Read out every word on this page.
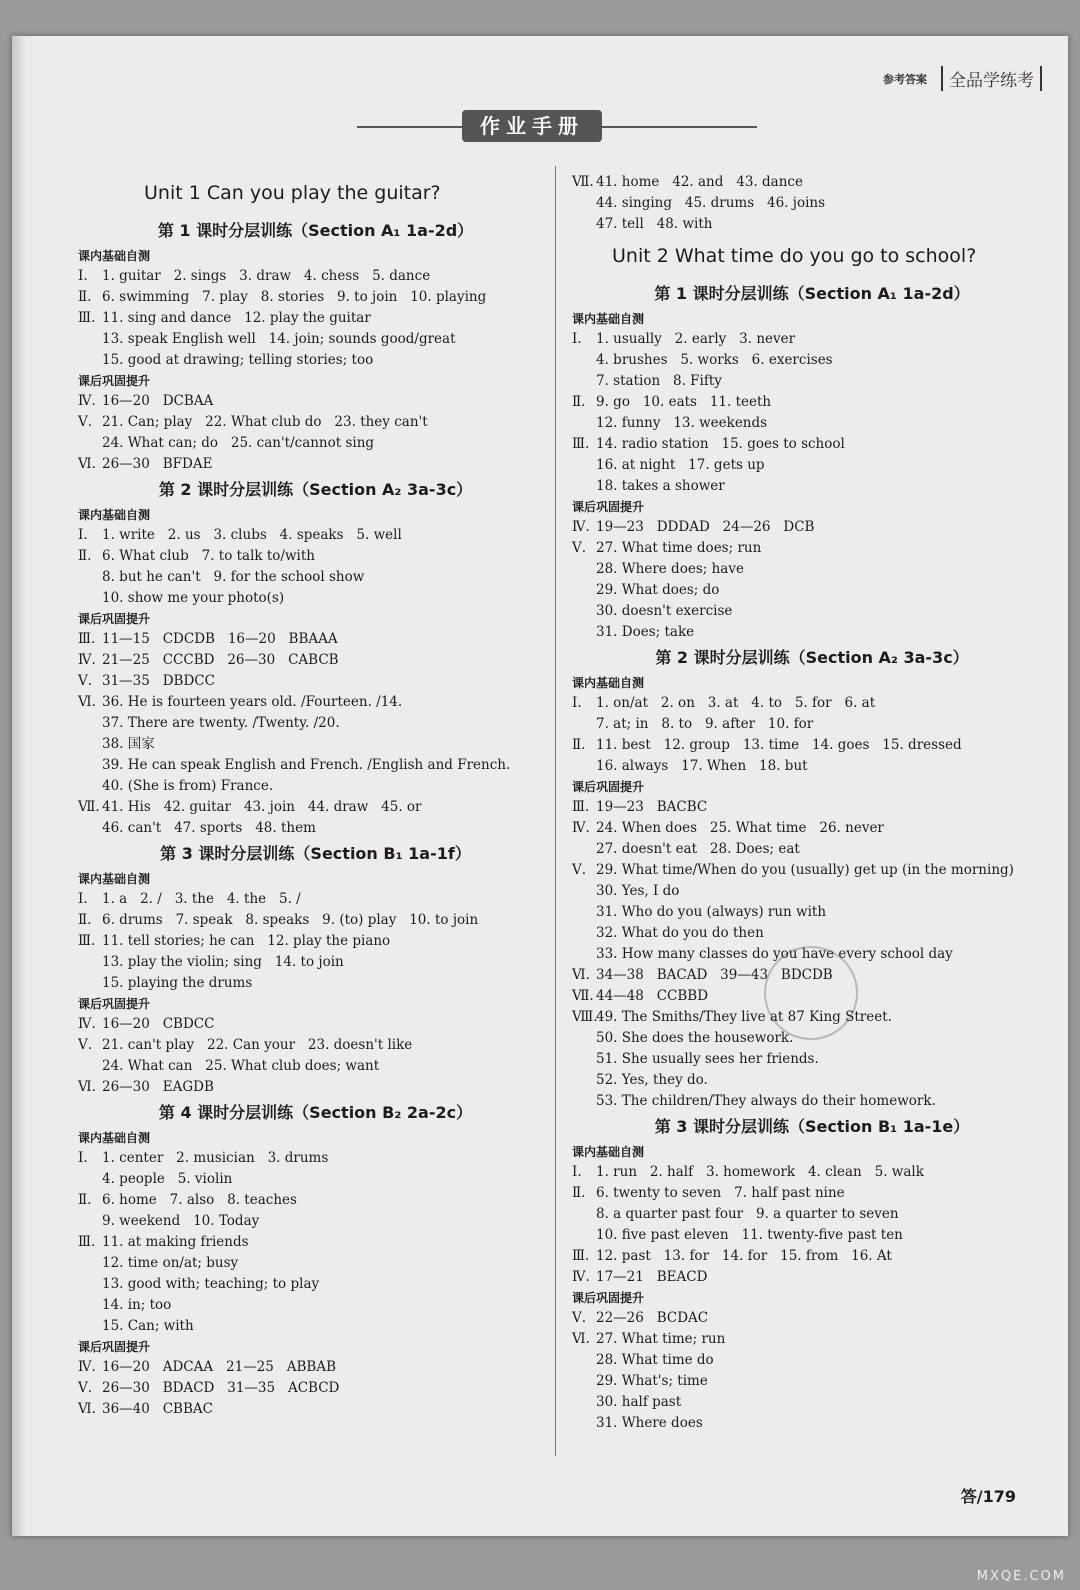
参考答案	全品学练考
作业手册
Unit 1 Can you play the guitar?
第 1 课时分层训练（Section A₁ 1a-2d）
课内基础自测
Ⅰ. 1. guitar   2. sings   3. draw   4. chess   5. dance
Ⅱ. 6. swimming   7. play   8. stories   9. to join   10. playing
Ⅲ. 11. sing and dance   12. play the guitar
13. speak English well   14. join; sounds good/great
15. good at drawing; telling stories; too
课后巩固提升
Ⅳ. 16—20   DCBAA
Ⅴ. 21. Can; play   22. What club do   23. they can't
24. What can; do   25. can't/cannot sing
Ⅵ. 26—30   BFDAE
第 2 课时分层训练（Section A₂ 3a-3c）
课内基础自测
Ⅰ. 1. write   2. us   3. clubs   4. speaks   5. well
Ⅱ. 6. What club   7. to talk to/with
8. but he can't   9. for the school show
10. show me your photo(s)
课后巩固提升
Ⅲ. 11—15   CDCDB   16—20   BBAAA
Ⅳ. 21—25   CCCBD   26—30   CABCB
Ⅴ. 31—35   DBDCC
Ⅵ. 36. He is fourteen years old. /Fourteen. /14.
37. There are twenty. /Twenty. /20.
38. 国家
39. He can speak English and French. /English and French.
40. (She is from) France.
Ⅶ. 41. His   42. guitar   43. join   44. draw   45. or
46. can't   47. sports   48. them
第 3 课时分层训练（Section B₁ 1a-1f）
课内基础自测
Ⅰ. 1. a   2. /   3. the   4. the   5. /
Ⅱ. 6. drums   7. speak   8. speaks   9. (to) play   10. to join
Ⅲ. 11. tell stories; he can   12. play the piano
13. play the violin; sing   14. to join
15. playing the drums
课后巩固提升
Ⅳ. 16—20   CBDCC
Ⅴ. 21. can't play   22. Can your   23. doesn't like
24. What can   25. What club does; want
Ⅵ. 26—30   EAGDB
第 4 课时分层训练（Section B₂ 2a-2c）
课内基础自测
Ⅰ. 1. center   2. musician   3. drums
4. people   5. violin
Ⅱ. 6. home   7. also   8. teaches
9. weekend   10. Today
Ⅲ. 11. at making friends
12. time on/at; busy
13. good with; teaching; to play
14. in; too
15. Can; with
课后巩固提升
Ⅳ. 16—20   ADCAA   21—25   ABBAB
Ⅴ. 26—30   BDACD   31—35   ACBCD
Ⅵ. 36—40   CBBAC
Ⅶ. 41. home   42. and   43. dance
44. singing   45. drums   46. joins
47. tell   48. with
Unit 2 What time do you go to school?
第 1 课时分层训练（Section A₁ 1a-2d）
课内基础自测
Ⅰ. 1. usually   2. early   3. never
4. brushes   5. works   6. exercises
7. station   8. Fifty
Ⅱ. 9. go   10. eats   11. teeth
12. funny   13. weekends
Ⅲ. 14. radio station   15. goes to school
16. at night   17. gets up
18. takes a shower
课后巩固提升
Ⅳ. 19—23   DDDAD   24—26   DCB
Ⅴ. 27. What time does; run
28. Where does; have
29. What does; do
30. doesn't exercise
31. Does; take
第 2 课时分层训练（Section A₂ 3a-3c）
课内基础自测
Ⅰ. 1. on/at   2. on   3. at   4. to   5. for   6. at
7. at; in   8. to   9. after   10. for
Ⅱ. 11. best   12. group   13. time   14. goes   15. dressed
16. always   17. When   18. but
课后巩固提升
Ⅲ. 19—23   BACBC
Ⅳ. 24. When does   25. What time   26. never
27. doesn't eat   28. Does; eat
Ⅴ. 29. What time/When do you (usually) get up (in the morning)
30. Yes, I do
31. Who do you (always) run with
32. What do you do then
33. How many classes do you have every school day
Ⅵ. 34—38   BACAD   39—43   BDCDB
Ⅶ. 44—48   CCBBD
Ⅷ.49. The Smiths/They live at 87 King Street.
50. She does the housework.
51. She usually sees her friends.
52. Yes, they do.
53. The children/They always do their homework.
第 3 课时分层训练（Section B₁ 1a-1e）
课内基础自测
Ⅰ. 1. run   2. half   3. homework   4. clean   5. walk
Ⅱ. 6. twenty to seven   7. half past nine
8. a quarter past four   9. a quarter to seven
10. five past eleven   11. twenty-five past ten
Ⅲ. 12. past   13. for   14. for   15. from   16. At
Ⅳ. 17—21   BEACD
课后巩固提升
Ⅴ. 22—26   BCDAC
Ⅵ. 27. What time; run
28. What time do
29. What's; time
30. half past
31. Where does
答/179
MXQE.COM
